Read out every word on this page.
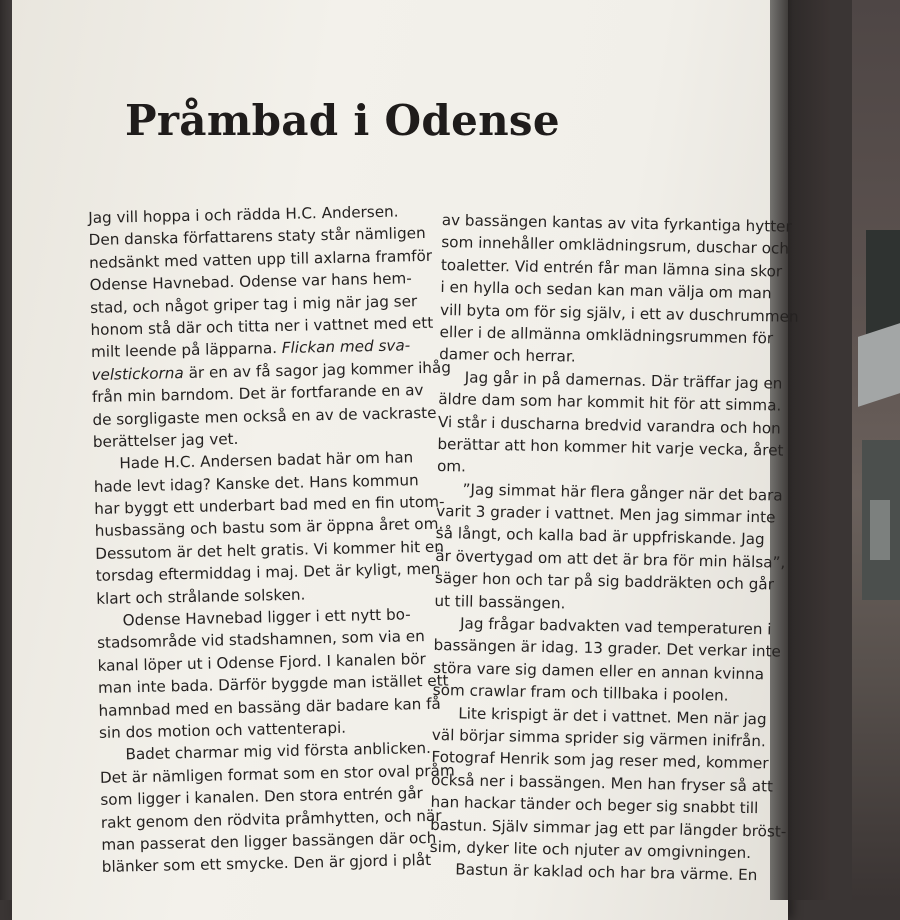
Pråmbad i Odense
Jag vill hoppa i och rädda H.C. Andersen.
Den danska författarens staty står nämligen
nedsänkt med vatten upp till axlarna framför
Odense Havnebad. Odense var hans hem-
stad, och något griper tag i mig när jag ser
honom stå där och titta ner i vattnet med ett
milt leende på läpparna. Flickan med sva-
velstickorna är en av få sagor jag kommer ihåg
från min barndom. Det är fortfarande en av
de sorgligaste men också en av de vackraste
berättelser jag vet.
Hade H.C. Andersen badat här om han
hade levt idag? Kanske det. Hans kommun
har byggt ett underbart bad med en fin utom-
husbassäng och bastu som är öppna året om.
Dessutom är det helt gratis. Vi kommer hit en
torsdag eftermiddag i maj. Det är kyligt, men
klart och strålande solsken.
Odense Havnebad ligger i ett nytt bo-
stadsområde vid stadshamnen, som via en
kanal löper ut i Odense Fjord. I kanalen bör
man inte bada. Därför byggde man istället ett
hamnbad med en bassäng där badare kan få
sin dos motion och vattenterapi.
Badet charmar mig vid första anblicken.
Det är nämligen format som en stor oval pråm
som ligger i kanalen. Den stora entrén går
rakt genom den rödvita pråmhytten, och när
man passerat den ligger bassängen där och
blänker som ett smycke. Den är gjord i plåt
av bassängen kantas av vita fyrkantiga hytter
som innehåller omklädningsrum, duschar och
toaletter. Vid entrén får man lämna sina skor
i en hylla och sedan kan man välja om man
vill byta om för sig själv, i ett av duschrummen
eller i de allmänna omklädningsrummen för
damer och herrar.
Jag går in på damernas. Där träffar jag en
äldre dam som har kommit hit för att simma.
Vi står i duscharna bredvid varandra och hon
berättar att hon kommer hit varje vecka, året
om.
”Jag simmat här flera gånger när det bara
varit 3 grader i vattnet. Men jag simmar inte
så långt, och kalla bad är uppfriskande. Jag
är övertygad om att det är bra för min hälsa”,
säger hon och tar på sig baddräkten och går
ut till bassängen.
Jag frågar badvakten vad temperaturen i
bassängen är idag. 13 grader. Det verkar inte
störa vare sig damen eller en annan kvinna
som crawlar fram och tillbaka i poolen.
Lite krispigt är det i vattnet. Men när jag
väl börjar simma sprider sig värmen inifrån.
Fotograf Henrik som jag reser med, kommer
också ner i bassängen. Men han fryser så att
han hackar tänder och beger sig snabbt till
bastun. Själv simmar jag ett par längder bröst-
sim, dyker lite och njuter av omgivningen.
Bastun är kaklad och har bra värme. En
